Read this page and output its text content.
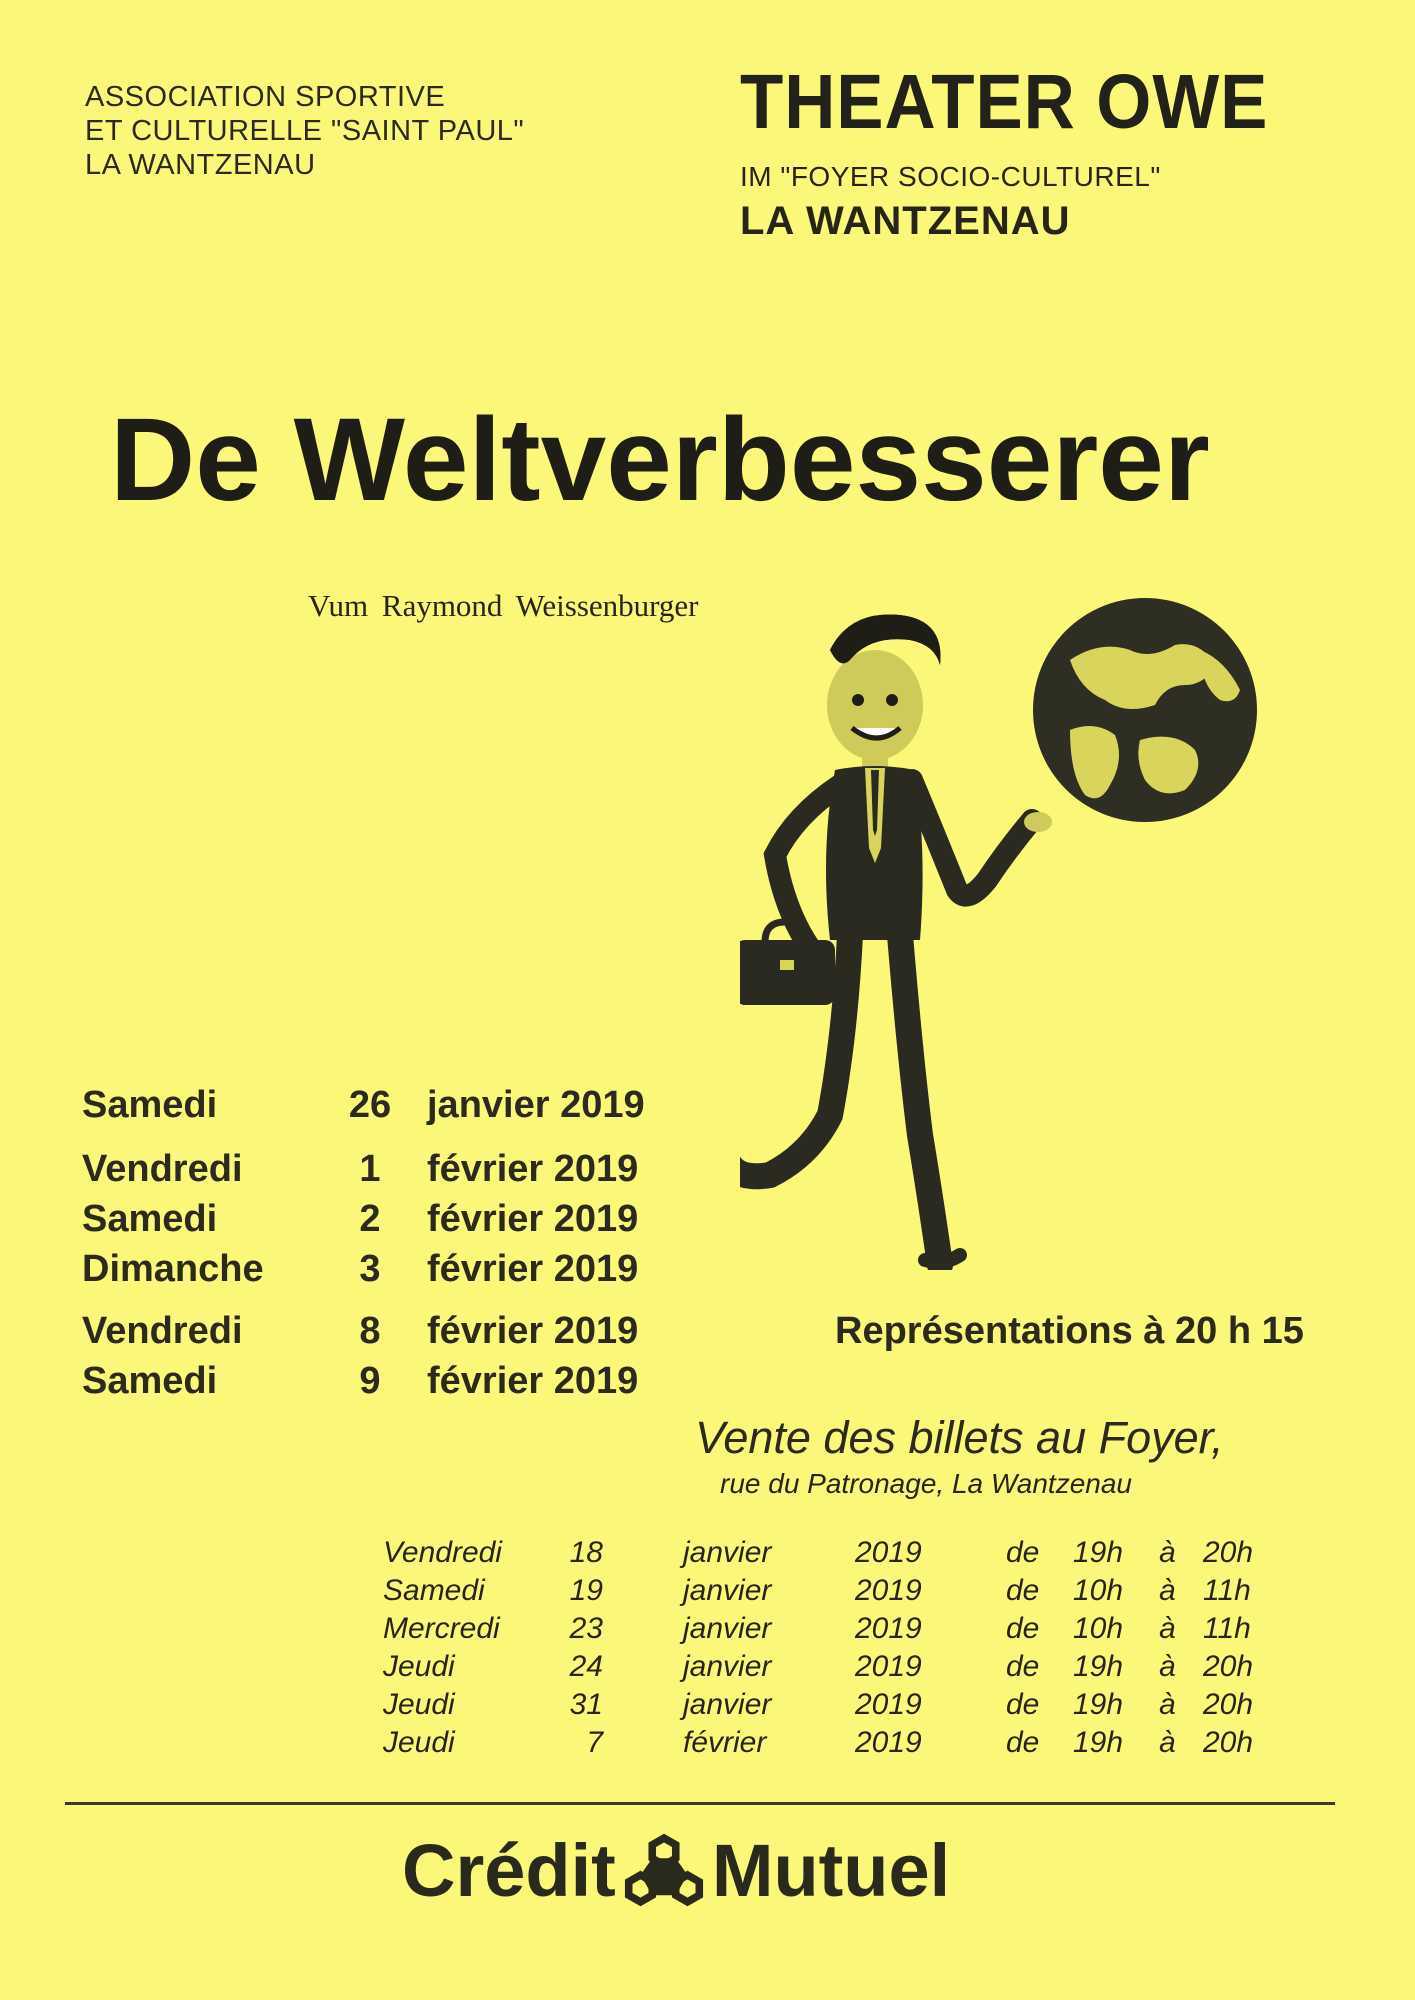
ASSOCIATION SPORTIVE
ET CULTURELLE "SAINT PAUL"
LA WANTZENAU
THEATER OWE
IM "FOYER SOCIO-CULTUREL"
LA WANTZENAU
De Weltverbesserer
Vum Raymond Weissenburger
Samedi	26 janvier 2019
Vendredi	1	février 2019
Samedi	2	février 2019
Dimanche	3	février 2019
Vendredi	8	février 2019
Samedi	9	février 2019
Représentations à 20 h 15
Vente des billets au Foyer,
rue du Patronage, La Wantzenau
Vendredi	18	janvier	2019	de 19h à 20h
Samedi	19	janvier	2019	de 10h à 11h
Mercredi	23	janvier	2019	de 10h à 11h
Jeudi	24	janvier	2019	de 19h à 20h
Jeudi	31	janvier	2019	de 19h à 20h
Jeudi	7	février	2019	de 19h à 20h
Crédit Mutuel
